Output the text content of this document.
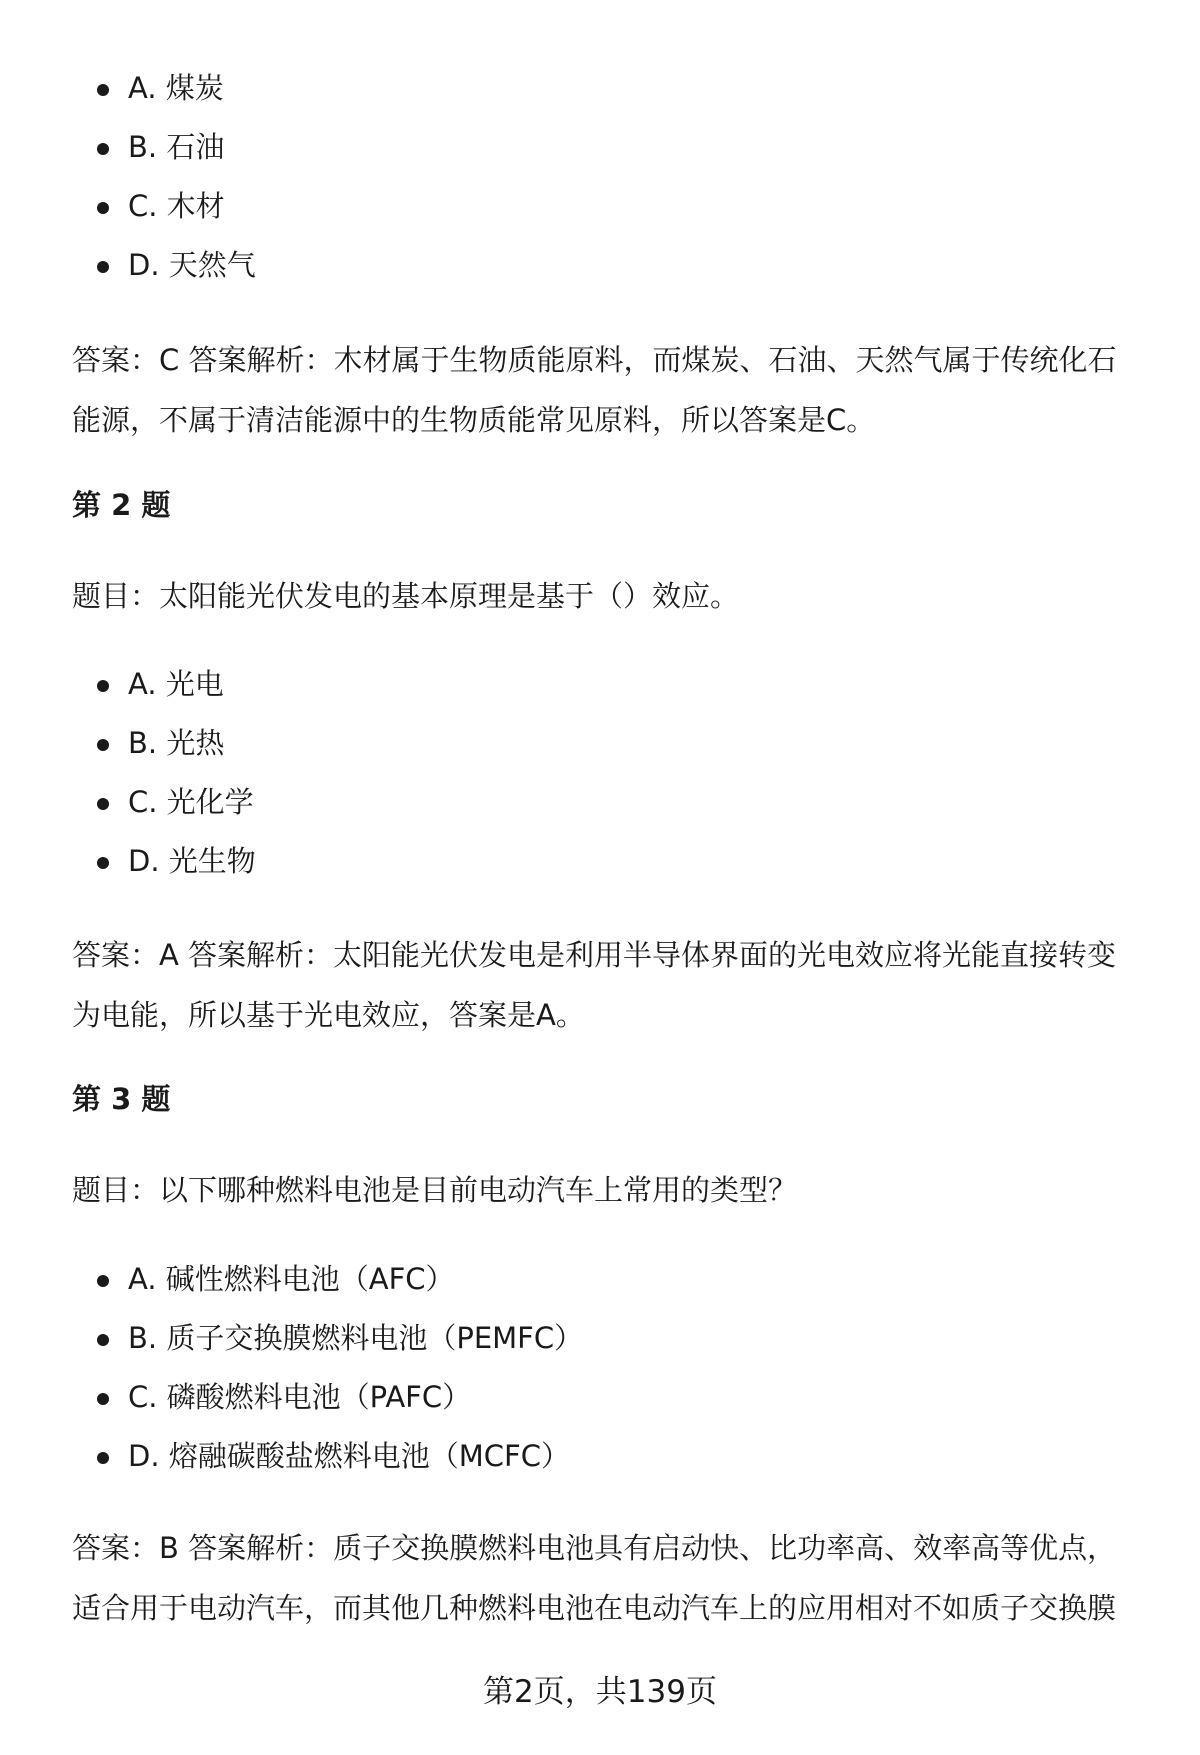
A. 煤炭
B. 石油
C. 木材
D. 天然气
答案：C 答案解析：木材属于生物质能原料，而煤炭、石油、天然气属于传统化石
能源，不属于清洁能源中的生物质能常见原料，所以答案是C。
第 2 题
题目：太阳能光伏发电的基本原理是基于（）效应。
A. 光电
B. 光热
C. 光化学
D. 光生物
答案：A 答案解析：太阳能光伏发电是利用半导体界面的光电效应将光能直接转变
为电能，所以基于光电效应，答案是A。
第 3 题
题目：以下哪种燃料电池是目前电动汽车上常用的类型？
A. 碱性燃料电池（AFC）
B. 质子交换膜燃料电池（PEMFC）
C. 磷酸燃料电池（PAFC）
D. 熔融碳酸盐燃料电池（MCFC）
答案：B 答案解析：质子交换膜燃料电池具有启动快、比功率高、效率高等优点，
适合用于电动汽车，而其他几种燃料电池在电动汽车上的应用相对不如质子交换膜
第2页，共139页
